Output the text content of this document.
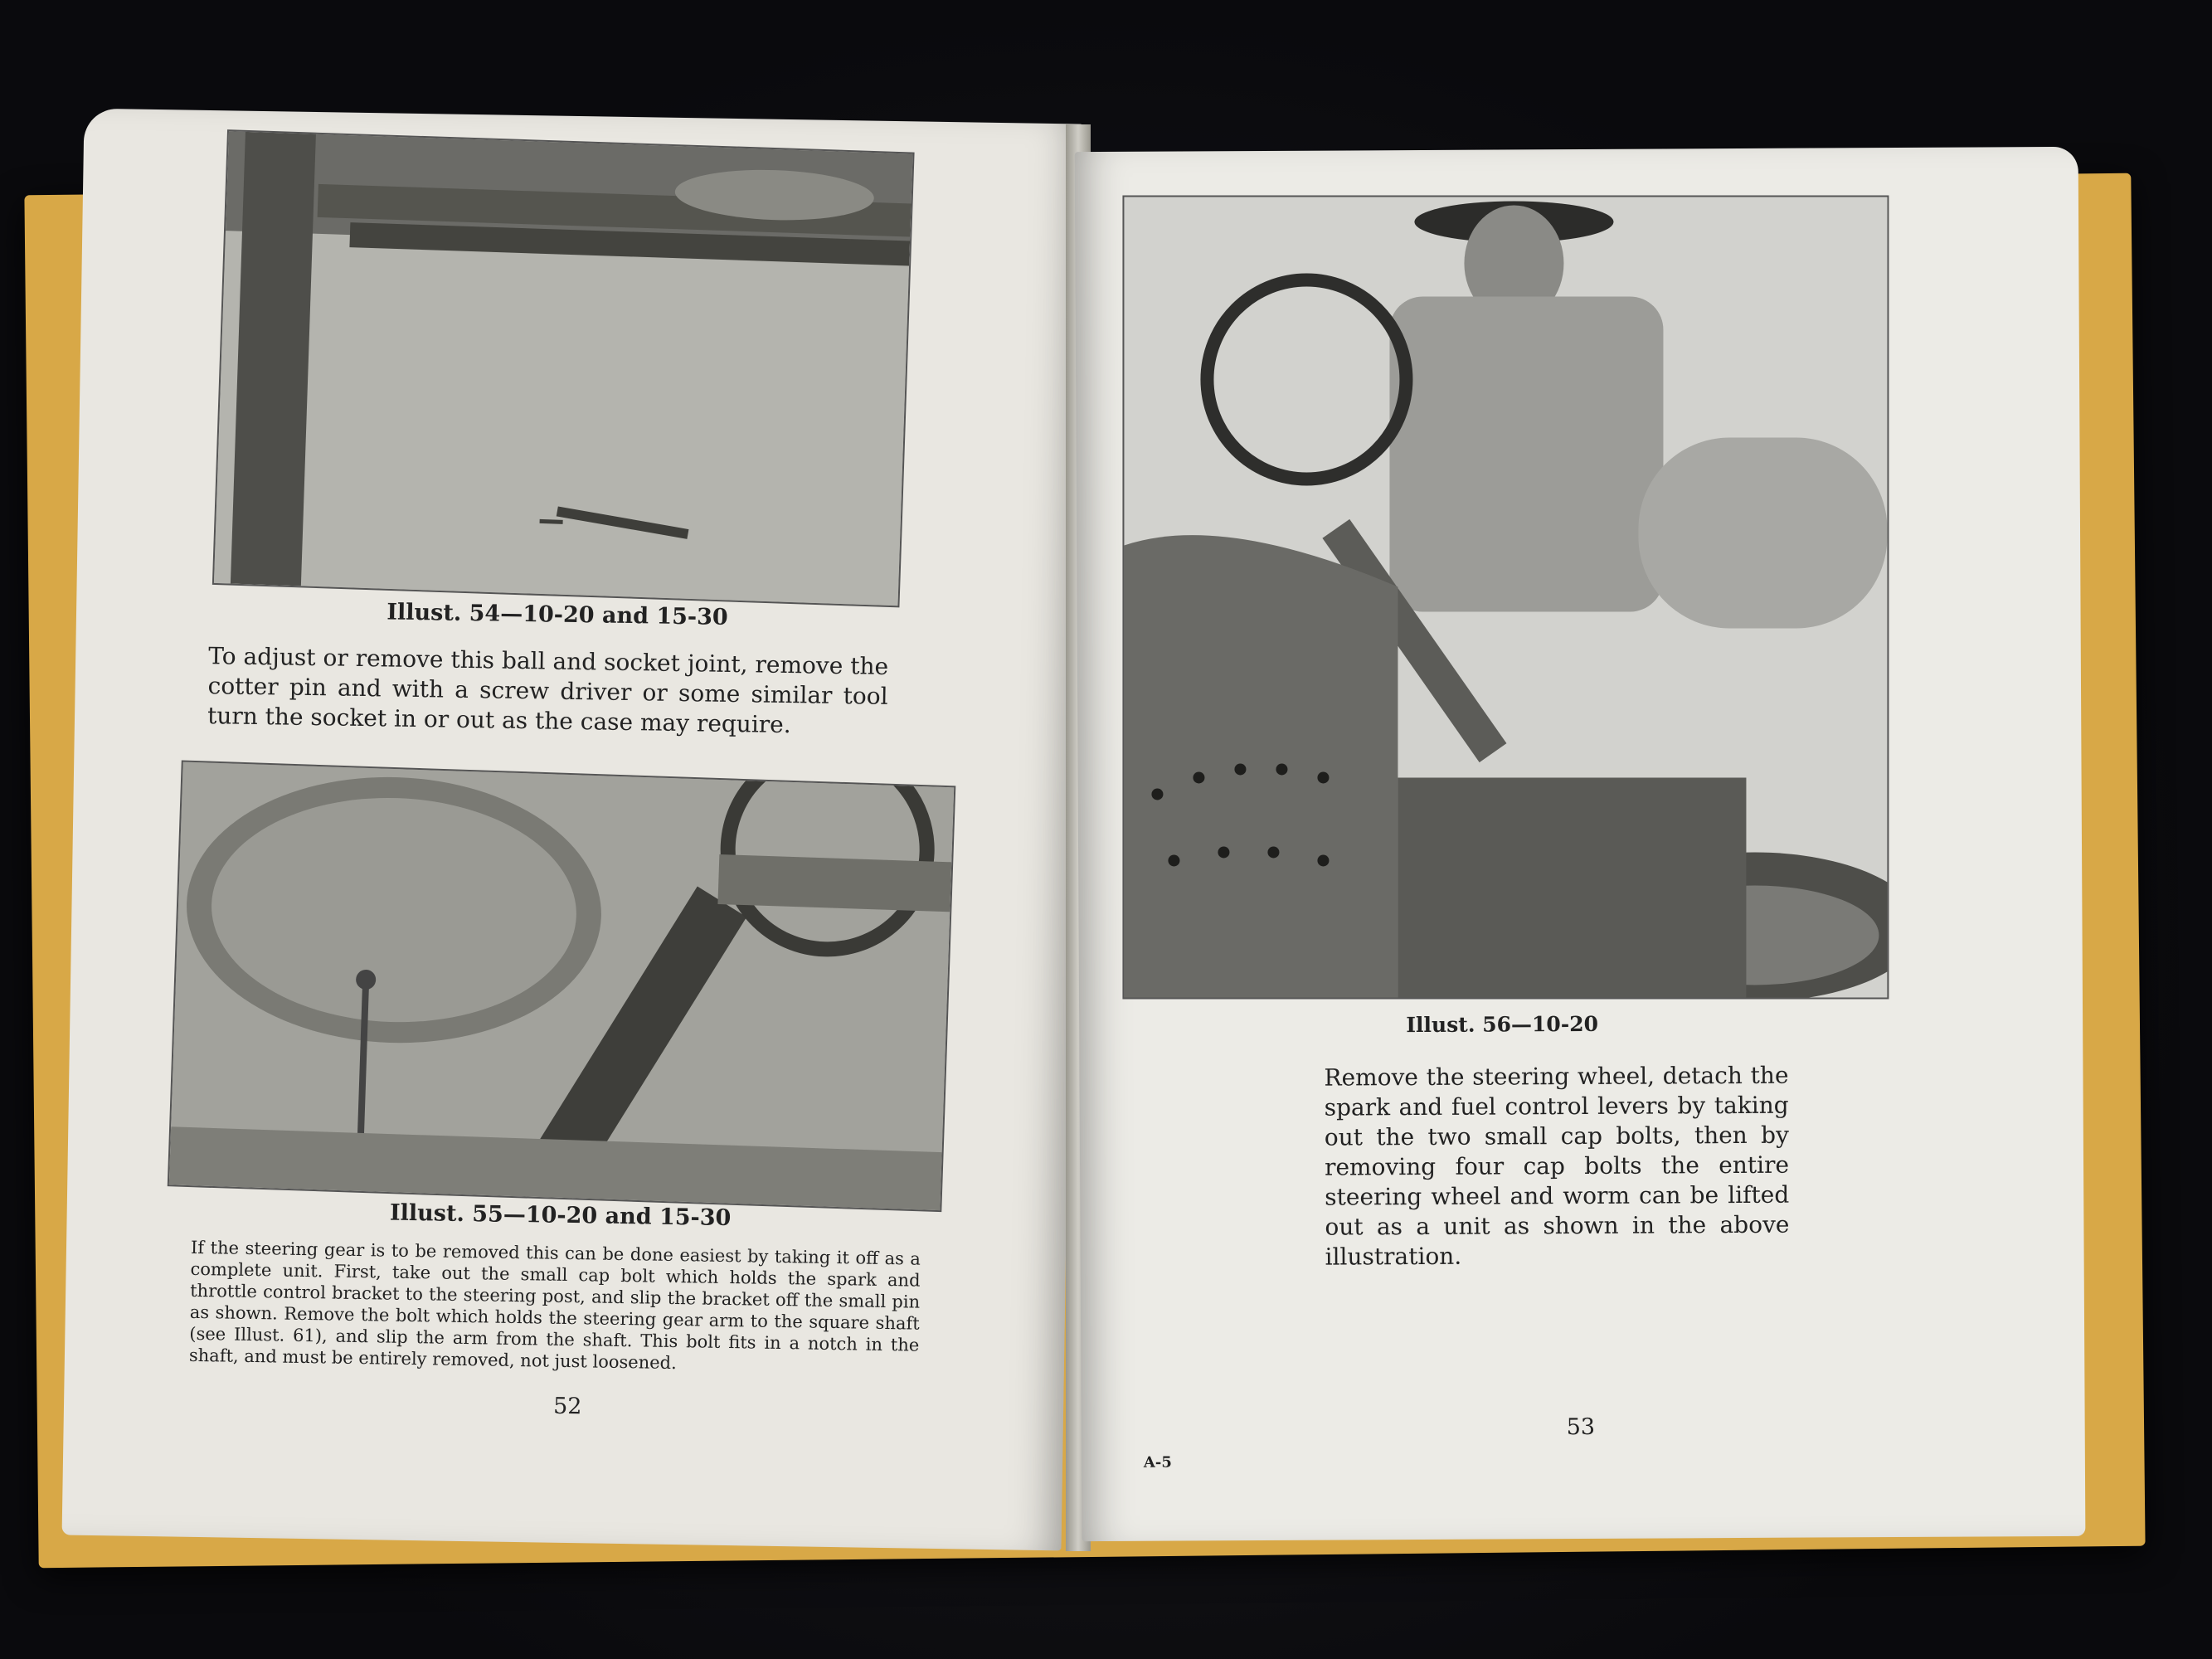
Illust. 54—10-20 and 15-30
To adjust or remove this ball and socket joint, remove the cotter pin and with a screw driver or some similar tool turn the socket in or out as the case may require.
Illust. 55—10-20 and 15-30
If the steering gear is to be removed this can be done easiest by taking it off as a complete unit. First, take out the small cap bolt which holds the spark and throttle control bracket to the steering post, and slip the bracket off the small pin as shown. Remove the bolt which holds the steering gear arm to the square shaft (see Illust. 61), and slip the arm from the shaft. This bolt fits in a notch in the shaft, and must be entirely removed, not just loosened.
52
Illust. 56—10-20
Remove the steering wheel, detach the spark and fuel control levers by taking out the two small cap bolts, then by removing four cap bolts the entire steering wheel and worm can be lifted out as a unit as shown in the above illustration.
53
A-5
